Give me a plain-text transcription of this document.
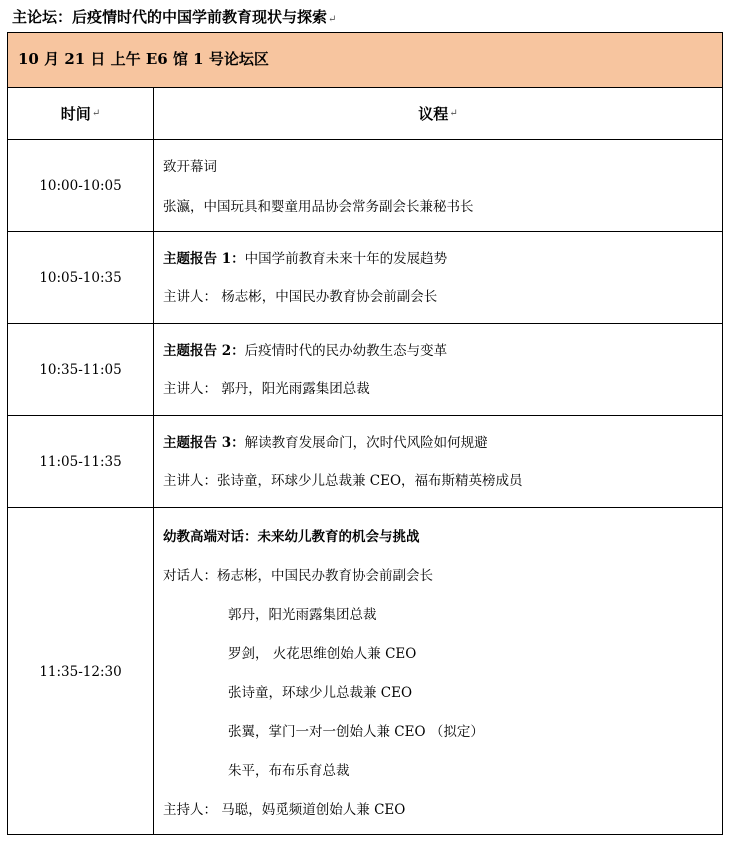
主论坛：后疫情时代的中国学前教育现状与探索↵
10 月 21 日 上午 E6 馆 1 号论坛区
时间 ↵	议程 ↵
10:00-10:05
致开幕词
张瀛，中国玩具和婴童用品协会常务副会长兼秘书长
10:05-10:35
主题报告 1：中国学前教育未来十年的发展趋势
主讲人： 杨志彬，中国民办教育协会前副会长
10:35-11:05
主题报告 2：后疫情时代的民办幼教生态与变革
主讲人： 郭丹，阳光雨露集团总裁
11:05-11:35
主题报告 3：解读教育发展命门，次时代风险如何规避
主讲人：张诗童，环球少儿总裁兼 CEO，福布斯精英榜成员
11:35-12:30
幼教高端对话：未来幼儿教育的机会与挑战
对话人：杨志彬，中国民办教育协会前副会长
郭丹，阳光雨露集团总裁
罗剑， 火花思维创始人兼 CEO
张诗童，环球少儿总裁兼 CEO
张翼，掌门一对一创始人兼 CEO （拟定）
朱平，布布乐育总裁
主持人： 马聪，妈觅频道创始人兼 CEO
